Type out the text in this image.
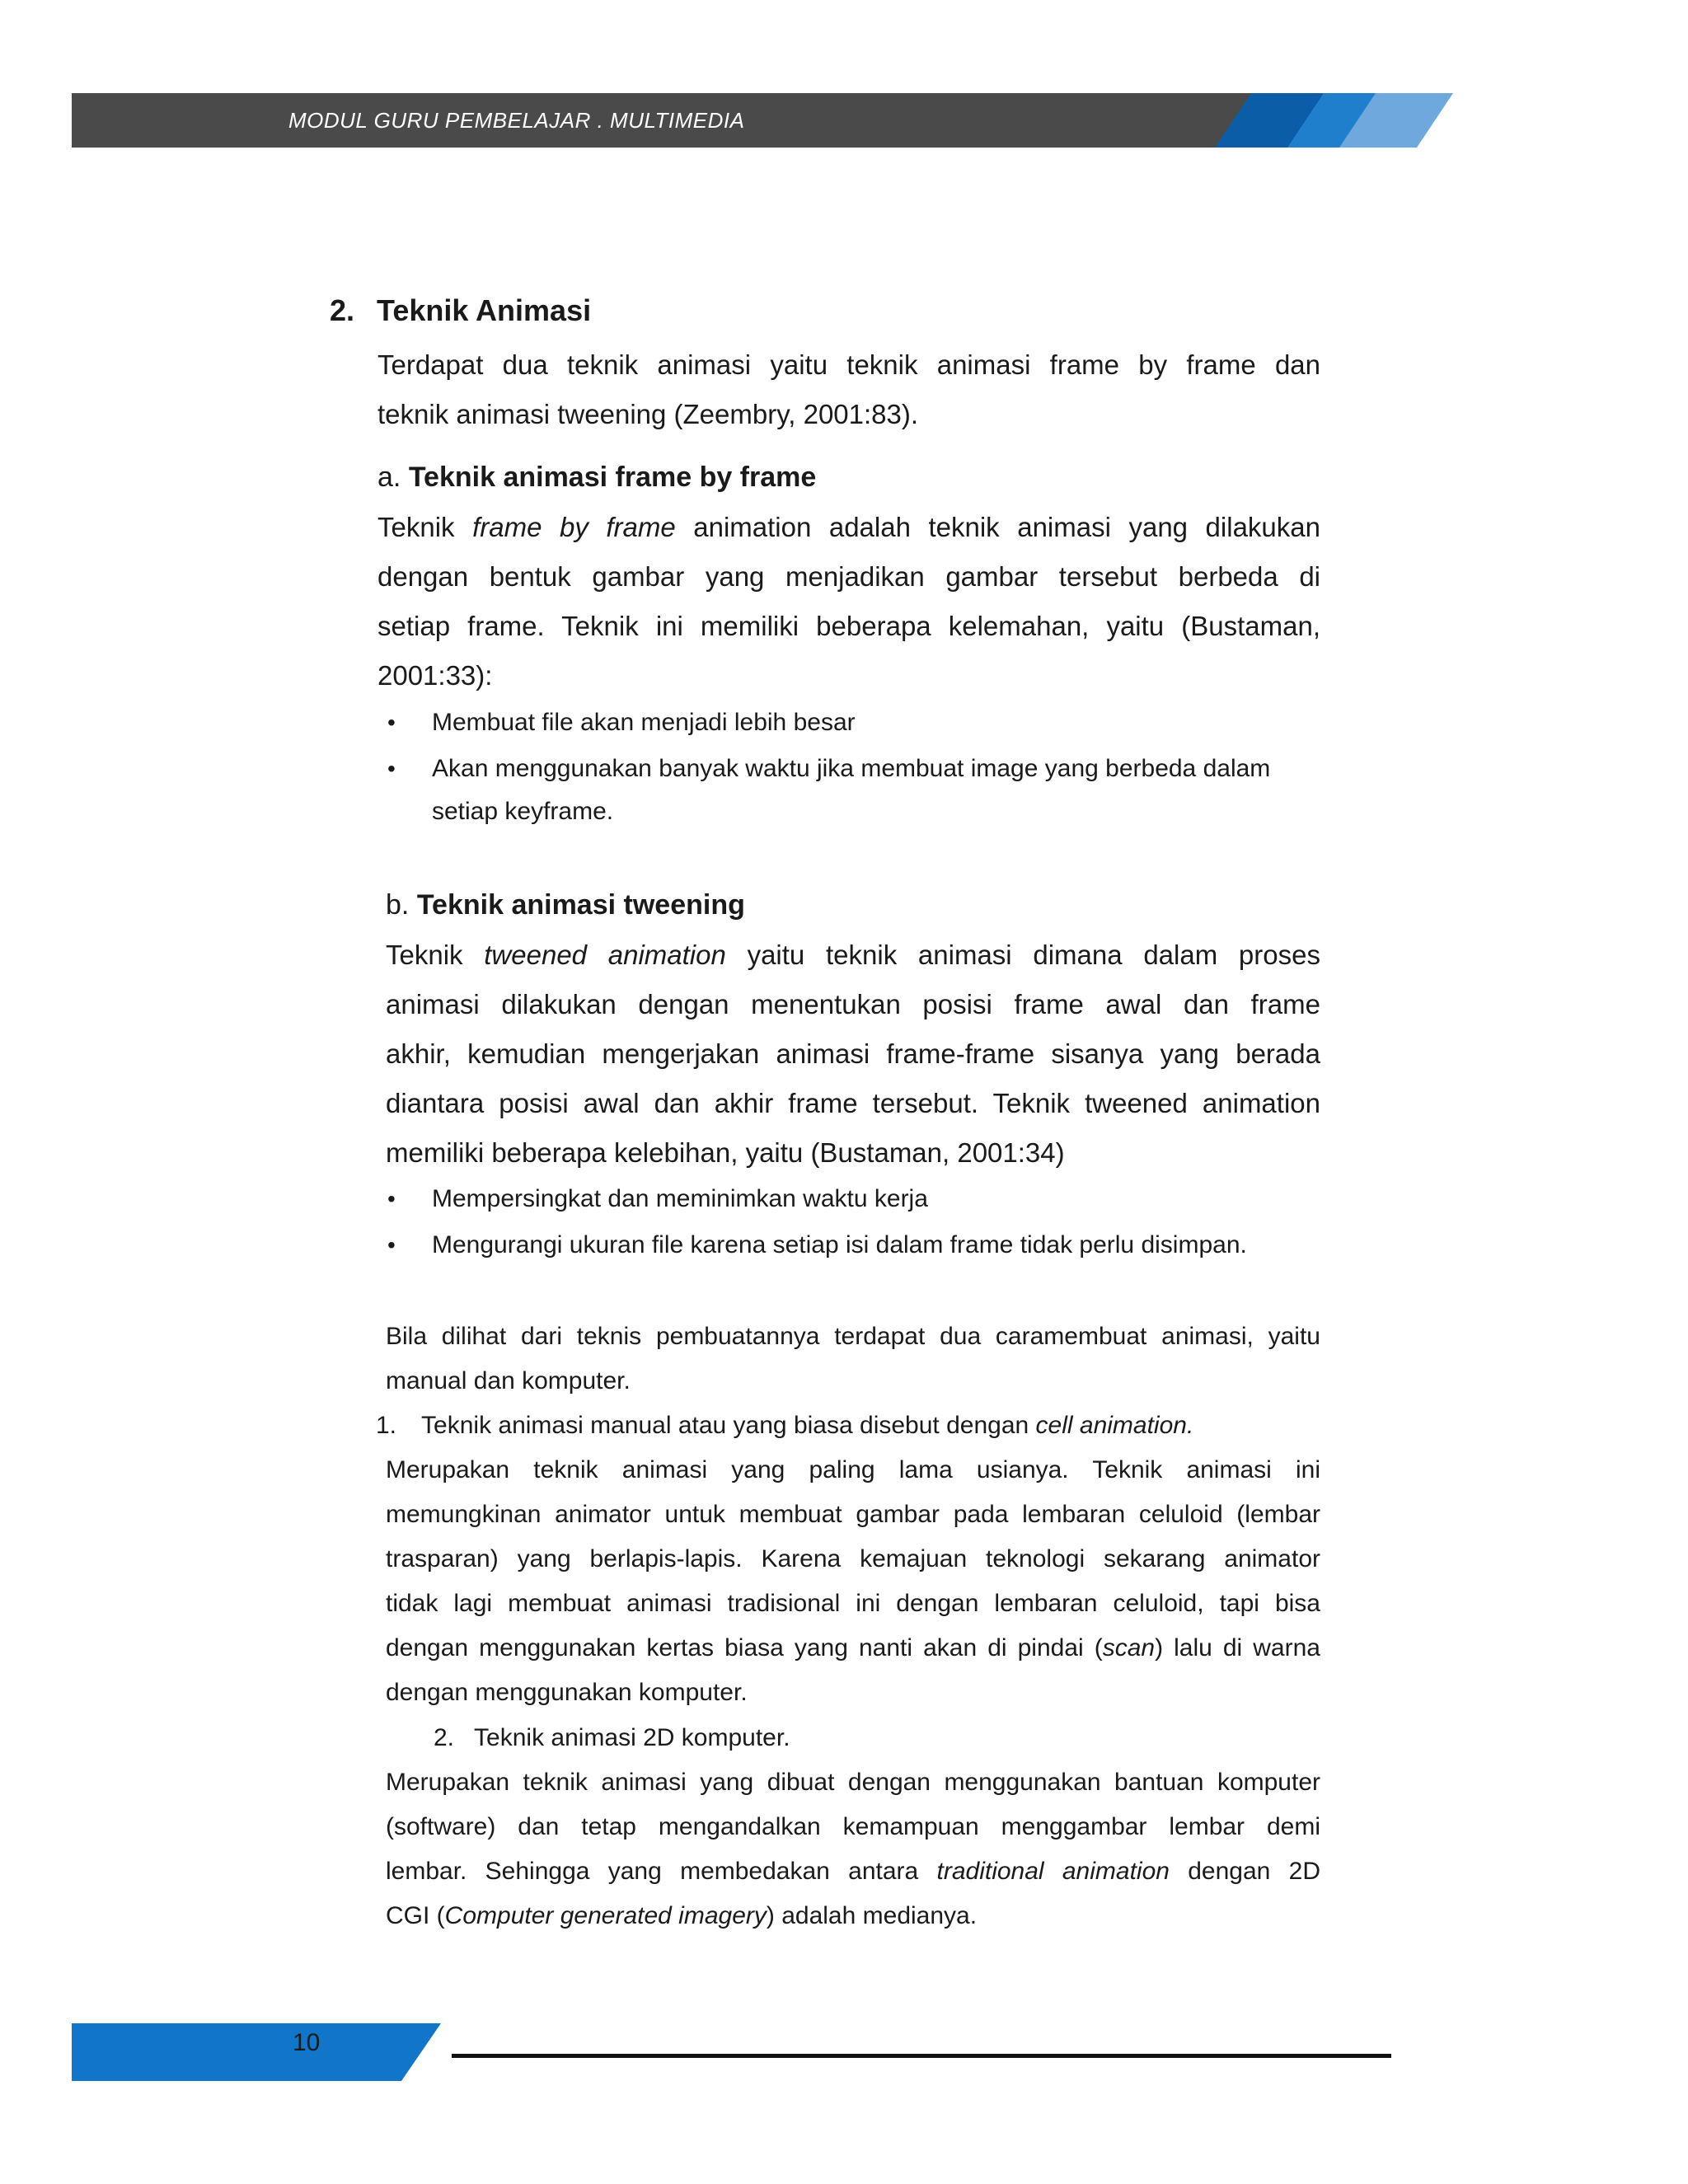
MODUL GURU PEMBELAJAR . MULTIMEDIA
2. Teknik Animasi
Terdapat dua teknik animasi yaitu teknik animasi frame by frame dan
teknik animasi tweening (Zeembry, 2001:83).
a. Teknik animasi frame by frame
Teknik frame by frame animation adalah teknik animasi yang dilakukan
dengan bentuk gambar yang menjadikan gambar tersebut berbeda di
setiap frame. Teknik ini memiliki beberapa kelemahan, yaitu (Bustaman,
2001:33):
• Membuat file akan menjadi lebih besar
• Akan menggunakan banyak waktu jika membuat image yang berbeda dalam
setiap keyframe.
b. Teknik animasi tweening
Teknik tweened animation yaitu teknik animasi dimana dalam proses
animasi dilakukan dengan menentukan posisi frame awal dan frame
akhir, kemudian mengerjakan animasi frame-frame sisanya yang berada
diantara posisi awal dan akhir frame tersebut. Teknik tweened animation
memiliki beberapa kelebihan, yaitu (Bustaman, 2001:34)
• Mempersingkat dan meminimkan waktu kerja
• Mengurangi ukuran file karena setiap isi dalam frame tidak perlu disimpan.
Bila dilihat dari teknis pembuatannya terdapat dua caramembuat animasi, yaitu
manual dan komputer.
1. Teknik animasi manual atau yang biasa disebut dengan cell animation.
Merupakan teknik animasi yang paling lama usianya. Teknik animasi ini
memungkinan animator untuk membuat gambar pada lembaran celuloid (lembar
trasparan) yang berlapis-lapis. Karena kemajuan teknologi sekarang animator
tidak lagi membuat animasi tradisional ini dengan lembaran celuloid, tapi bisa
dengan menggunakan kertas biasa yang nanti akan di pindai (scan) lalu di warna
dengan menggunakan komputer.
2. Teknik animasi 2D komputer.
Merupakan teknik animasi yang dibuat dengan menggunakan bantuan komputer
(software) dan tetap mengandalkan kemampuan menggambar lembar demi
lembar. Sehingga yang membedakan antara traditional animation dengan 2D
CGI (Computer generated imagery) adalah medianya.
10
